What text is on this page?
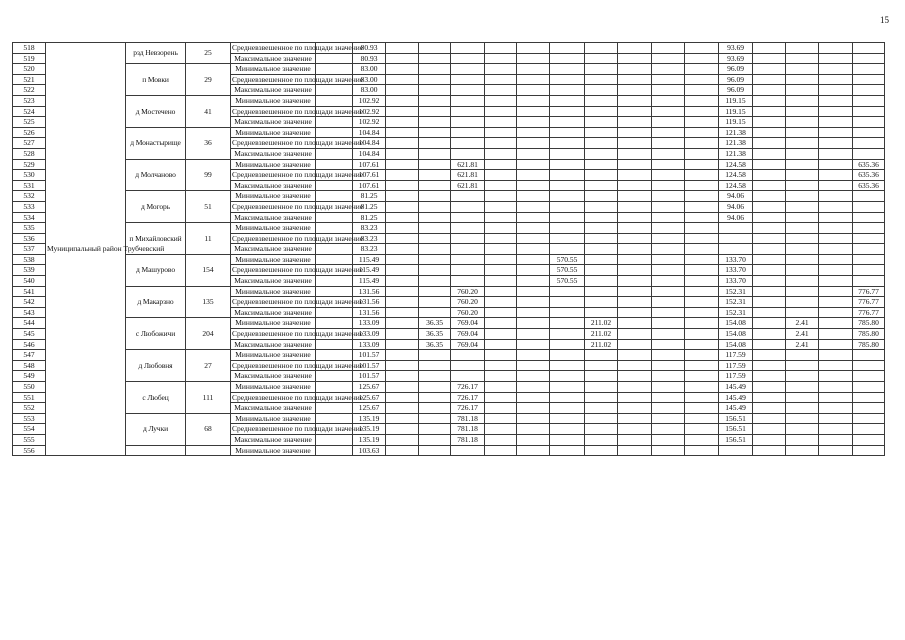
15
518	Муниципальный район Трубчевский	рзд Невзорень	25	Средневзвешенное по площади значение		80.93											93.69				
519				Максимальное значение		80.93											93.69				
520		п Мовки	29	Минимальное значение		83.00											96.09				
521				Средневзвешенное по площади значение		83.00											96.09				
522				Максимальное значение		83.00											96.09				
523		д Мостечено	41	Минимальное значение		102.92											119.15				
524				Средневзвешенное по площади значение		102.92											119.15				
525				Максимальное значение		102.92											119.15				
526		д Монастырище	36	Минимальное значение		104.84											121.38				
527				Средневзвешенное по площади значение		104.84											121.38				
528				Максимальное значение		104.84											121.38				
529		д Молчаново	99	Минимальное значение		107.61			621.81								124.58				635.36
530				Средневзвешенное по площади значение		107.61			621.81								124.58				635.36
531				Максимальное значение		107.61			621.81								124.58				635.36
532		д Могорь	51	Минимальное значение		81.25											94.06				
533				Средневзвешенное по площади значение		81.25											94.06				
534				Максимальное значение		81.25											94.06				
535		п Михайловский	11	Минимальное значение		83.23															
536				Средневзвешенное по площади значение		83.23															
537				Максимальное значение		83.23															
538		д Машурово	154	Минимальное значение		115.49						570.55					133.70				
539				Средневзвешенное по площади значение		115.49						570.55					133.70				
540				Максимальное значение		115.49						570.55					133.70				
541		д Макарзно	135	Минимальное значение		131.56			760.20								152.31				776.77
542				Средневзвешенное по площади значение		131.56			760.20								152.31				776.77
543				Максимальное значение		131.56			760.20								152.31				776.77
544		с Любожичи	204	Минимальное значение		133.09		36.35	769.04				211.02				154.08		2.41		785.80
545				Средневзвешенное по площади значение		133.09		36.35	769.04				211.02				154.08		2.41		785.80
546				Максимальное значение		133.09		36.35	769.04				211.02				154.08		2.41		785.80
547		д Любовня	27	Минимальное значение		101.57											117.59				
548				Средневзвешенное по площади значение		101.57											117.59				
549				Максимальное значение		101.57											117.59				
550		с Любец	111	Минимальное значение		125.67			726.17								145.49				
551				Средневзвешенное по площади значение		125.67			726.17								145.49				
552				Максимальное значение		125.67			726.17								145.49				
553		д Лучки	68	Минимальное значение		135.19			781.18								156.51				
554				Средневзвешенное по площади значение		135.19			781.18								156.51				
555				Максимальное значение		135.19			781.18								156.51				
556				Минимальное значение		103.63															
